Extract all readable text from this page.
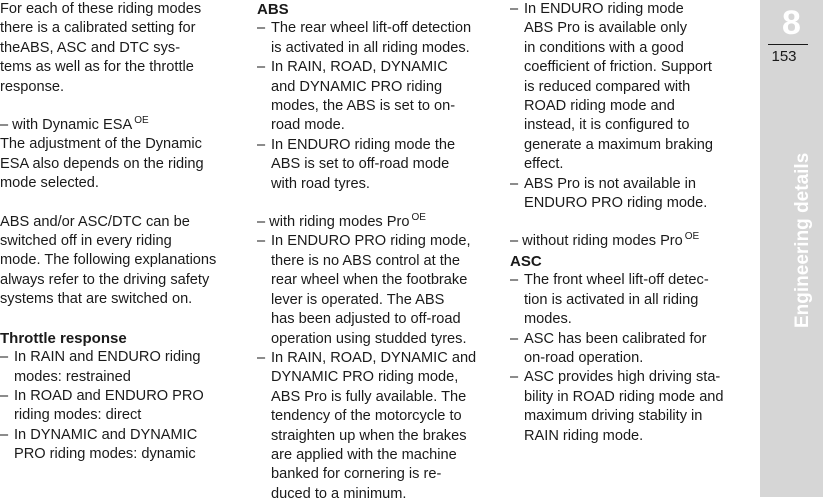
For each of these riding modes
there is a calibrated setting for
theABS, ASC and DTC sys-
tems as well as for the throttle
response.

– with Dynamic ESA $^{OE}$

The adjustment of the Dynamic
ESA also depends on the riding
mode selected.

ABS and/or ASC/DTC can be
switched off in every riding
mode. The following explanations
always refer to the driving safety
systems that are switched on.

Throttle response

– In RAIN and ENDURO riding
modes: restrained
– In ROAD and ENDURO PRO
riding modes: direct
– In DYNAMIC and DYNAMIC
PRO riding modes: dynamic

ABS

– The rear wheel lift-off detection
is activated in all riding modes.
– In RAIN, ROAD, DYNAMIC
and DYNAMIC PRO riding
modes, the ABS is set to on-
road mode.
– In ENDURO riding mode the
ABS is set to off-road mode
with road tyres.

– with riding modes Pro $^{OE}$

– In ENDURO PRO riding mode,
there is no ABS control at the
rear wheel when the footbrake
lever is operated. The ABS
has been adjusted to off-road
operation using studded tyres.
– In RAIN, ROAD, DYNAMIC and
DYNAMIC PRO riding mode,
ABS Pro is fully available. The
tendency of the motorcycle to
straighten up when the brakes
are applied with the machine
banked for cornering is re-
duced to a minimum.
– In ENDURO riding mode
ABS Pro is available only
in conditions with a good
coefficient of friction. Support
is reduced compared with
ROAD riding mode and
instead, it is configured to
generate a maximum braking
effect.
– ABS Pro is not available in
ENDURO PRO riding mode.

– without riding modes Pro $^{OE}$

ASC

– The front wheel lift-off detec-
tion is activated in all riding
modes.
– ASC has been calibrated for
on-road operation.
– ASC provides high driving sta-
bility in ROAD riding mode and
maximum driving stability in
RAIN riding mode.
8
153
Engineering details
